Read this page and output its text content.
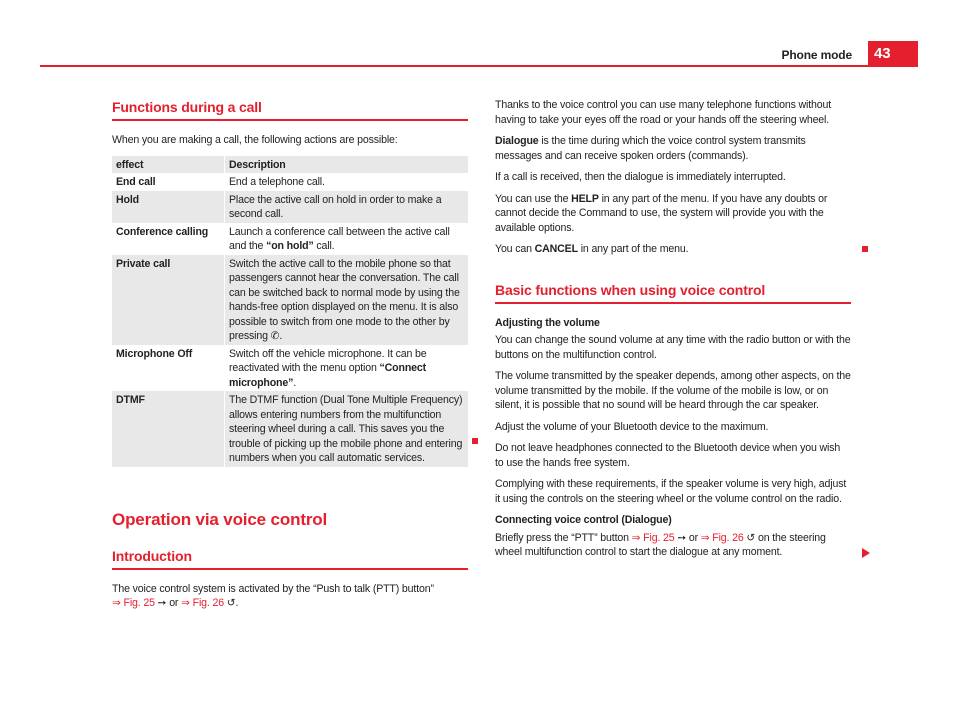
Phone mode	43
Functions during a call

When you are making a call, the following actions are possible:

effect	Description
End call	End a telephone call.
Hold	Place the active call on hold in order to make a second call.
Conference calling	Launch a conference call between the active call and the “on hold” call.
Private call	Switch the active call to the mobile phone so that passengers cannot hear the conversation. The call can be switched back to normal mode by using the hands-free option displayed on the menu. It is also possible to switch from one mode to the other by pressing ✆.
Microphone Off	Switch off the vehicle microphone. It can be reactivated with the menu option “Connect microphone”.
DTMF	The DTMF function (Dual Tone Multiple Frequency) allows entering numbers from the multifunction steering wheel during a call. This saves you the trouble of picking up the mobile phone and entering numbers when you call automatic services.
Operation via voice control
Introduction

The voice control system is activated by the “Push to talk (PTT) button”
⇒ Fig. 25 ➙ or ⇒ Fig. 26 ↺.

Thanks to the voice control you can use many telephone functions without having to take your eyes off the road or your hands off the steering wheel.

Dialogue is the time during which the voice control system transmits messages and can receive spoken orders (commands).

If a call is received, then the dialogue is immediately interrupted.

You can use the HELP in any part of the menu. If you have any doubts or cannot decide the Command to use, the system will provide you with the available options.

You can CANCEL in any part of the menu.

Basic functions when using voice control

Adjusting the volume

You can change the sound volume at any time with the radio button or with the buttons on the multifunction control.

The volume transmitted by the speaker depends, among other aspects, on the volume transmitted by the mobile. If the volume of the mobile is low, or on silent, it is possible that no sound will be heard through the car speaker.

Adjust the volume of your Bluetooth device to the maximum.

Do not leave headphones connected to the Bluetooth device when you wish to use the hands free system.

Complying with these requirements, if the speaker volume is very high, adjust it using the controls on the steering wheel or the volume control on the radio.

Connecting voice control (Dialogue)

Briefly press the “PTT” button ⇒ Fig. 25 ➙ or ⇒ Fig. 26 ↺ on the steering wheel multifunction control to start the dialogue at any moment.
